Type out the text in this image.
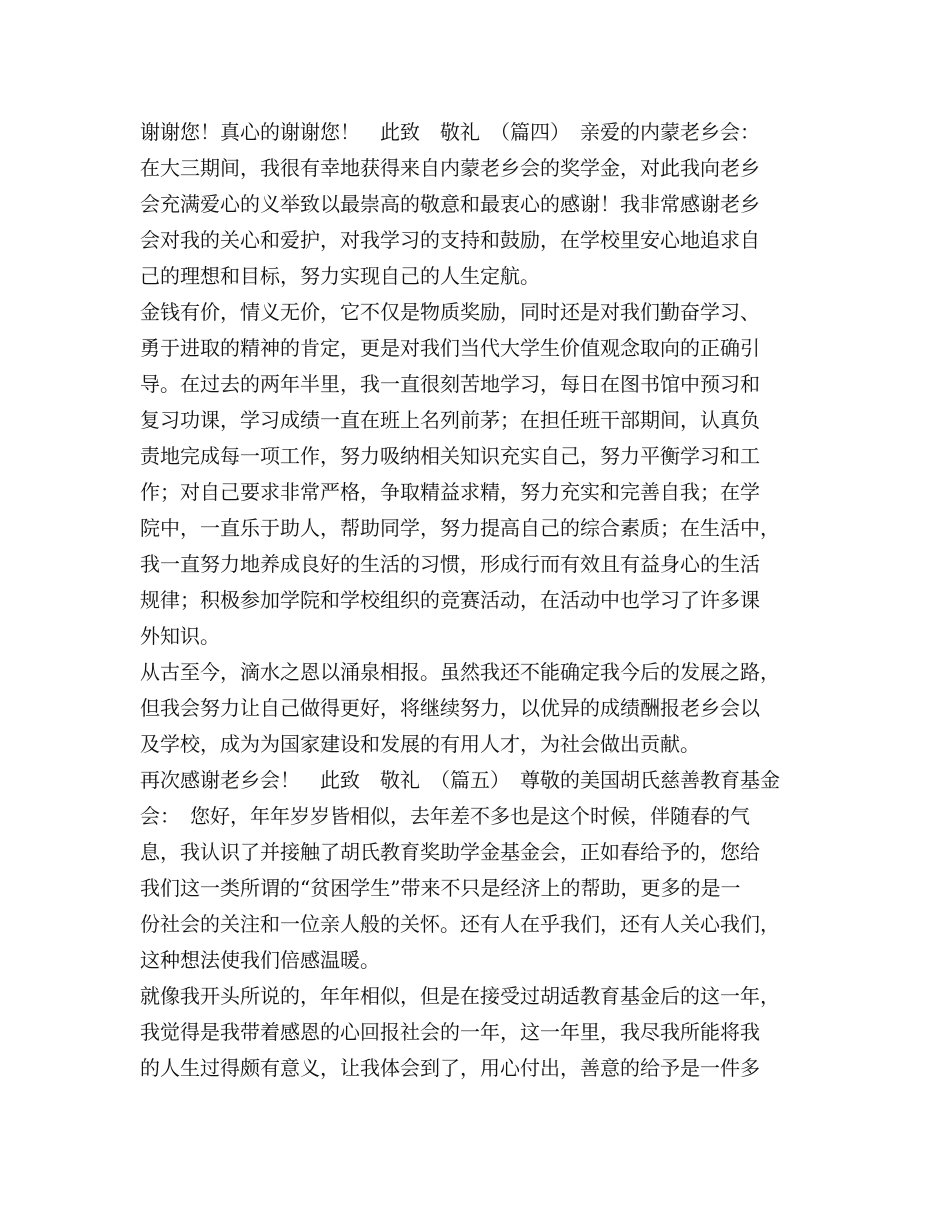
谢谢您！真心的谢谢您！　此致　敬礼　（篇四）　亲爱的内蒙老乡会：
在大三期间，我很有幸地获得来自内蒙老乡会的奖学金，对此我向老乡
会充满爱心的义举致以最崇高的敬意和最衷心的感谢！我非常感谢老乡
会对我的关心和爱护，对我学习的支持和鼓励，在学校里安心地追求自
己的理想和目标，努力实现自己的人生定航。
金钱有价，情义无价，它不仅是物质奖励，同时还是对我们勤奋学习、
勇于进取的精神的肯定，更是对我们当代大学生价值观念取向的正确引
导。在过去的两年半里，我一直很刻苦地学习，每日在图书馆中预习和
复习功课，学习成绩一直在班上名列前茅；在担任班干部期间，认真负
责地完成每一项工作，努力吸纳相关知识充实自己，努力平衡学习和工
作；对自己要求非常严格，争取精益求精，努力充实和完善自我；在学
院中，一直乐于助人，帮助同学，努力提高自己的综合素质；在生活中，
我一直努力地养成良好的生活的习惯，形成行而有效且有益身心的生活
规律；积极参加学院和学校组织的竞赛活动，在活动中也学习了许多课
外知识。
从古至今，滴水之恩以涌泉相报。虽然我还不能确定我今后的发展之路，
但我会努力让自己做得更好，将继续努力，以优异的成绩酬报老乡会以
及学校，成为为国家建设和发展的有用人才，为社会做出贡献。
再次感谢老乡会！　此致　敬礼　（篇五）　尊敬的美国胡氏慈善教育基金
会：　您好，年年岁岁皆相似，去年差不多也是这个时候，伴随春的气
息，我认识了并接触了胡氏教育奖助学金基金会，正如春给予的，您给
我们这一类所谓的“贫困学生”带来不只是经济上的帮助，更多的是一
份社会的关注和一位亲人般的关怀。还有人在乎我们，还有人关心我们，
这种想法使我们倍感温暖。
就像我开头所说的，年年相似，但是在接受过胡适教育基金后的这一年，
我觉得是我带着感恩的心回报社会的一年，这一年里，我尽我所能将我
的人生过得颇有意义，让我体会到了，用心付出，善意的给予是一件多
